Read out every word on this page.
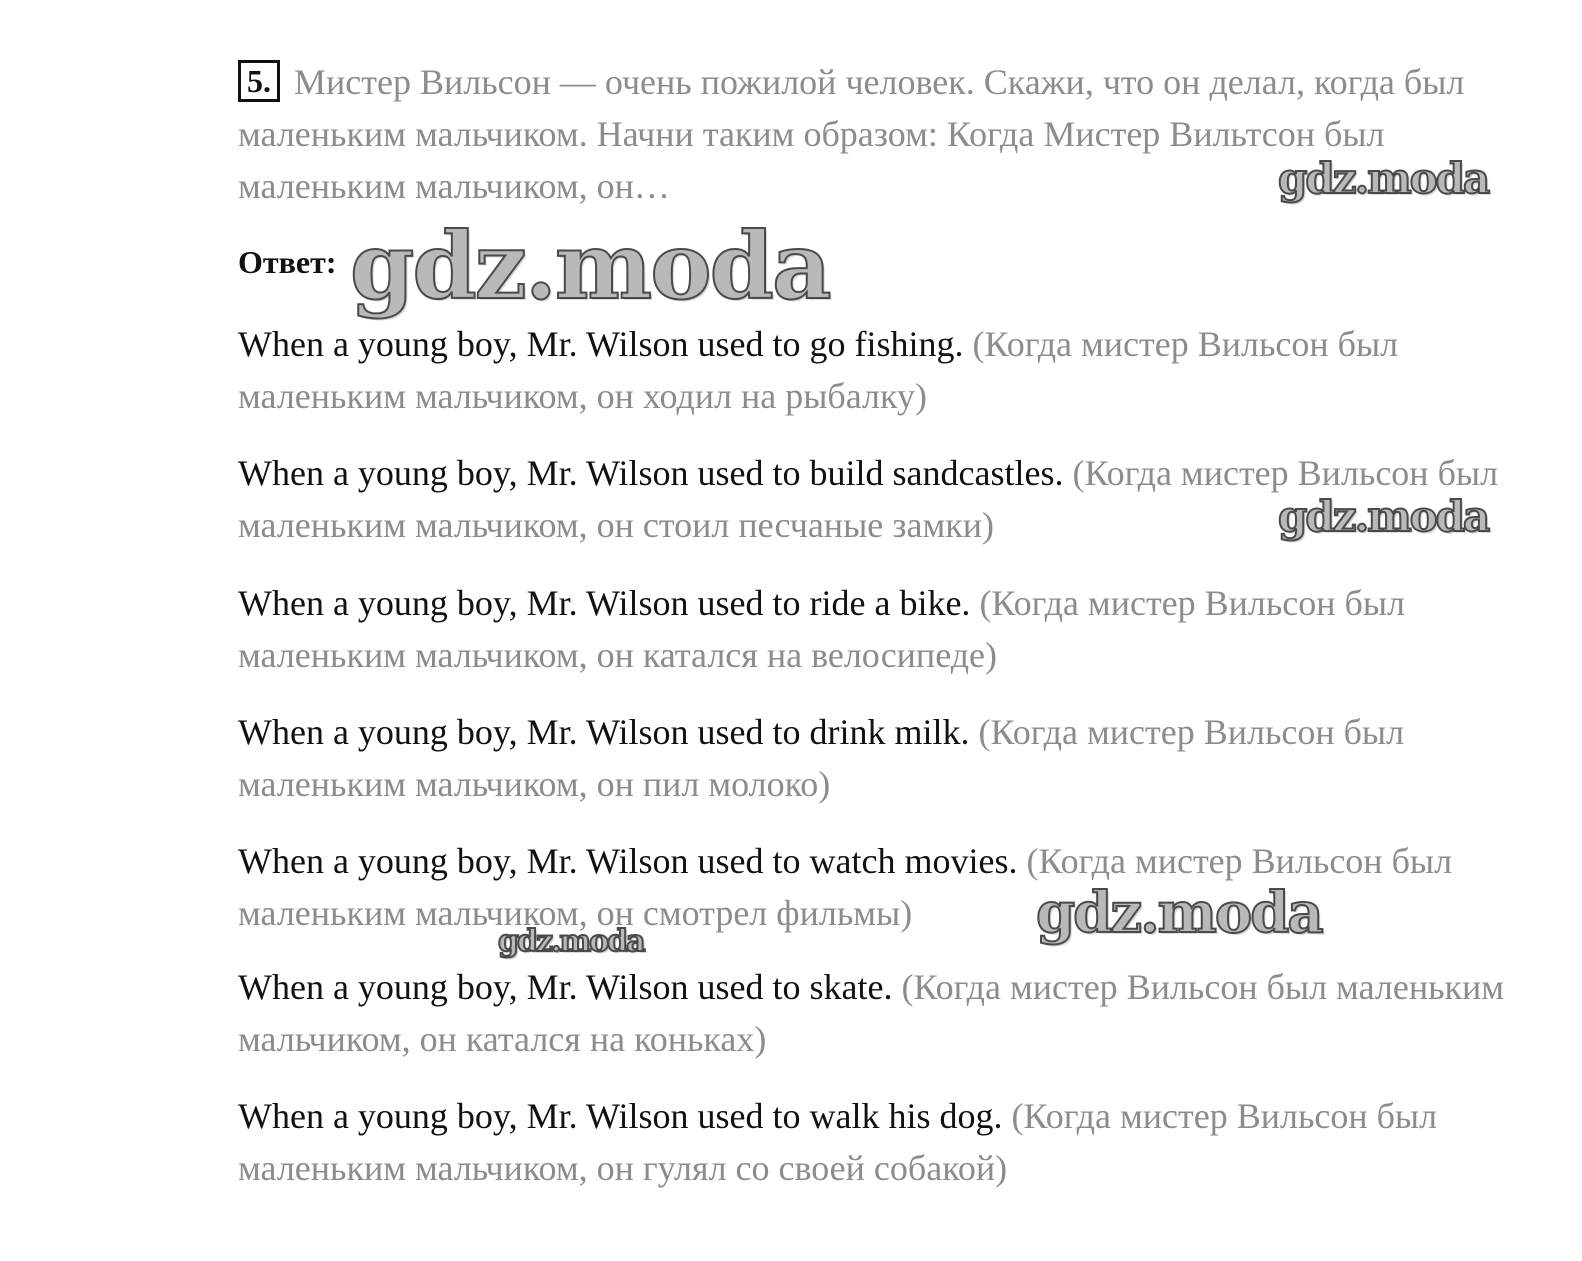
5. Мистер Вильсон — очень пожилой человек. Скажи, что он делал, когда был маленьким мальчиком. Начни таким образом: Когда Мистер Вильтсон был маленьким мальчиком, он…
Ответ:

When a young boy, Mr. Wilson used to go fishing. (Когда мистер Вильсон был маленьким мальчиком, он ходил на рыбалку)

When a young boy, Mr. Wilson used to build sandcastles. (Когда мистер Вильсон был маленьким мальчиком, он стоил песчаные замки)

When a young boy, Mr. Wilson used to ride a bike. (Когда мистер Вильсон был маленьким мальчиком, он катался на велосипеде)

When a young boy, Mr. Wilson used to drink milk. (Когда мистер Вильсон был маленьким мальчиком, он пил молоко)

When a young boy, Mr. Wilson used to watch movies. (Когда мистер Вильсон был маленьким мальчиком, он смотрел фильмы)

When a young boy, Mr. Wilson used to skate. (Когда мистер Вильсон был маленьким мальчиком, он катался на коньках)

When a young boy, Mr. Wilson used to walk his dog. (Когда мистер Вильсон был маленьким мальчиком, он гулял со своей собакой)

gdz.moda
gdz.moda
gdz.moda
gdz.moda
gdz.moda
